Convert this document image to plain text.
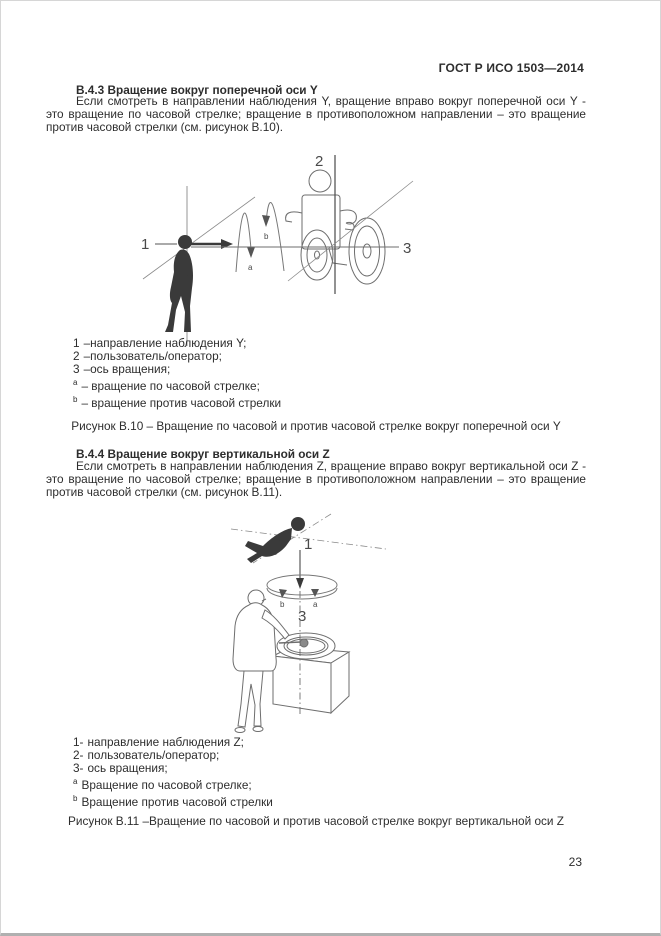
ГОСТ Р ИСО 1503—2014
В.4.3 Вращение вокруг поперечной оси Y

Если смотреть в направлении наблюдения Y, вращение вправо вокруг поперечной оси Y - это вращение по часовой стрелке; вращение в противоположном направлении – это вращение против часовой стрелки (см. рисунок В.10).

1
a
b
2
3
1 –направление наблюдения Y;
2 –пользователь/оператор;
3 –ось вращения;
a – вращение по часовой стрелке;
b – вращение против часовой стрелки
Рисунок В.10 – Вращение по часовой и против часовой стрелке вокруг поперечной оси Y
В.4.4 Вращение вокруг вертикальной оси Z

Если смотреть в направлении наблюдения Z, вращение вправо вокруг вертикальной оси Z - это вращение по часовой стрелке; вращение в противоположном направлении – это вращение против часовой стрелки (см. рисунок В.11).

1
b	a
3
1- направление наблюдения Z;
2- пользователь/оператор;
3- ось вращения;
a Вращение по часовой стрелке;
b Вращение против часовой стрелки
Рисунок В.11 –Вращение по часовой и против часовой стрелке вокруг вертикальной оси Z
23
